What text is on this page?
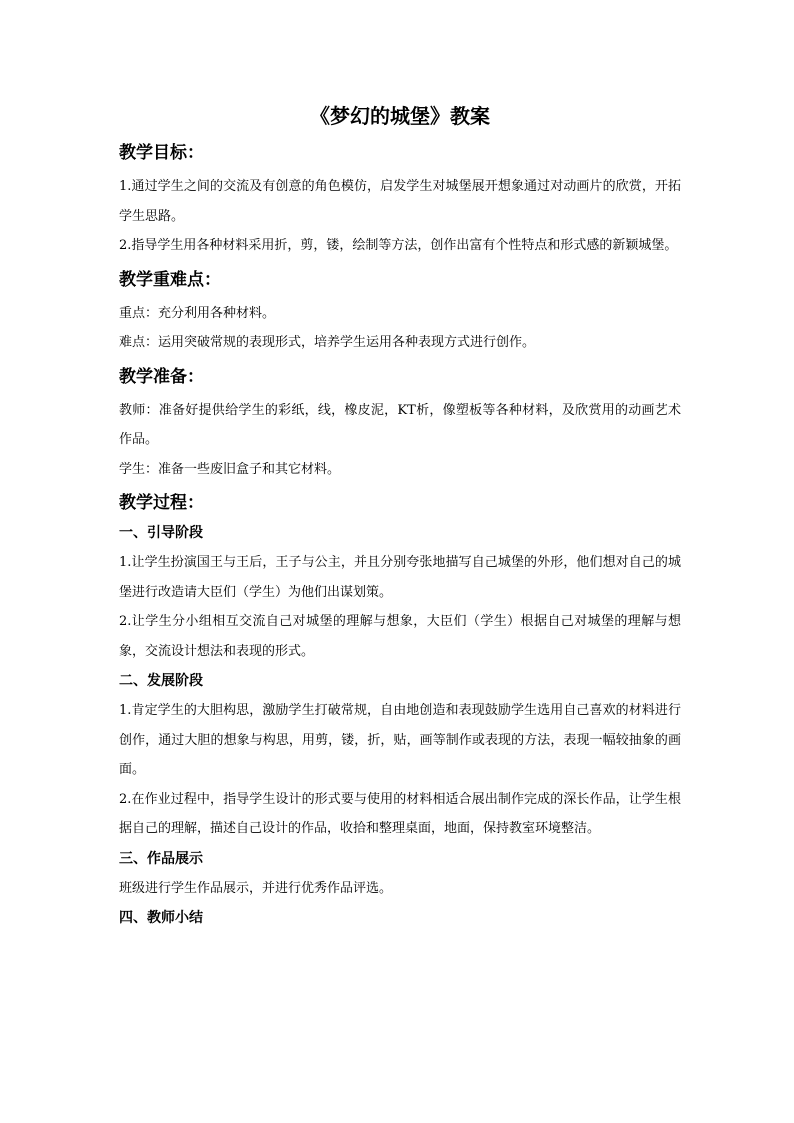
《梦幻的城堡》教案
教学目标：

1.通过学生之间的交流及有创意的角色模仿，启发学生对城堡展开想象通过对动画片的欣赏，开拓学生思路。

2.指导学生用各种材料采用折，剪，镂，绘制等方法，创作出富有个性特点和形式感的新颖城堡。

教学重难点：

重点：充分利用各种材料。

难点：运用突破常规的表现形式，培养学生运用各种表现方式进行创作。

教学准备：

教师：准备好提供给学生的彩纸，线，橡皮泥，KT析，像塑板等各种材料，及欣赏用的动画艺术作品。

学生：准备一些废旧盒子和其它材料。

教学过程：
一、引导阶段

1.让学生扮演国王与王后，王子与公主，并且分别夸张地描写自己城堡的外形，他们想对自己的城堡进行改造请大臣们（学生）为他们出谋划策。

2.让学生分小组相互交流自己对城堡的理解与想象，大臣们（学生）根据自己对城堡的理解与想象，交流设计想法和表现的形式。

二、发展阶段

1.肯定学生的大胆构思，激励学生打破常规，自由地创造和表现鼓励学生选用自己喜欢的材料进行创作，通过大胆的想象与构思，用剪，镂，折，贴，画等制作或表现的方法，表现一幅较抽象的画面。

2.在作业过程中，指导学生设计的形式要与使用的材料相适合展出制作完成的深长作品，让学生根据自己的理解，描述自己设计的作品，收拾和整理桌面，地面，保持教室环境整洁。

三、作品展示

班级进行学生作品展示，并进行优秀作品评选。

四、教师小结
